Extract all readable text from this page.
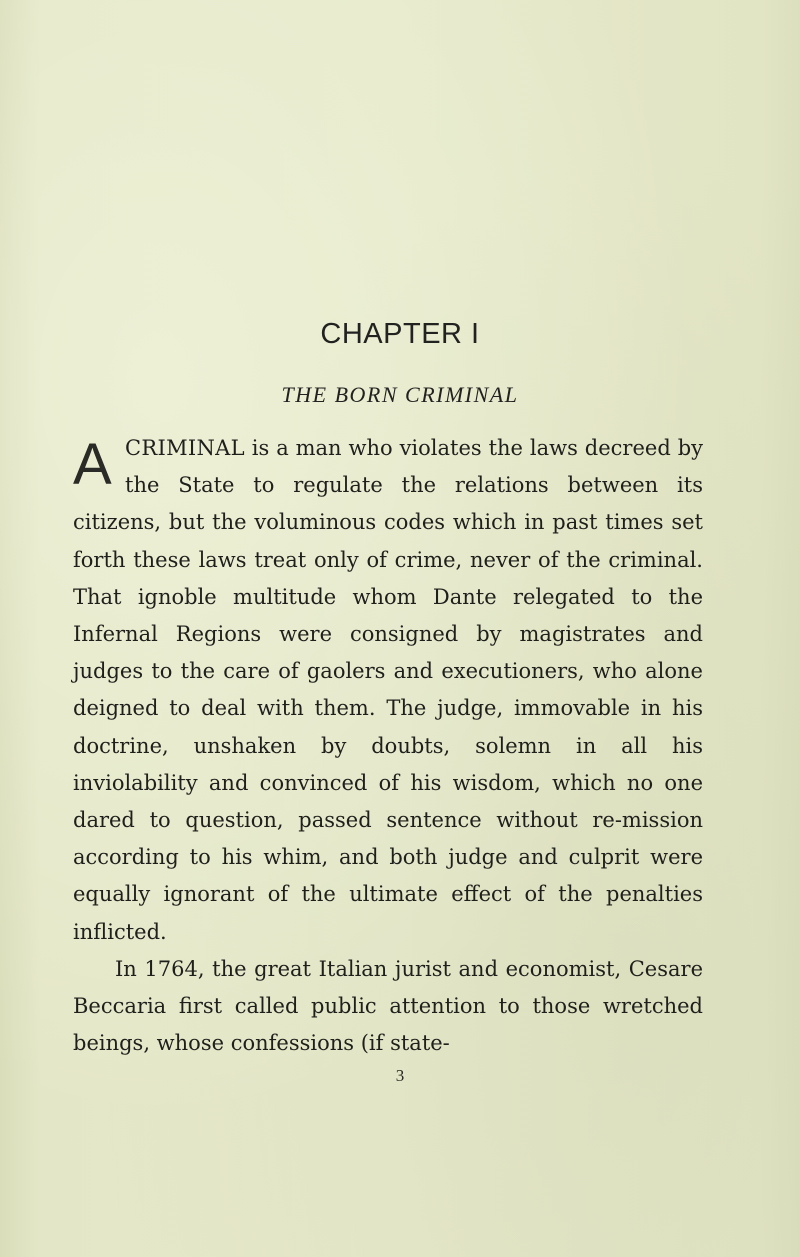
CHAPTER I
THE BORN CRIMINAL

ACRIMINAL is a man who violates the laws decreed by the State to regulate the relations between its citizens, but the voluminous codes which in past times set forth these laws treat only of crime, never of the criminal. That ignoble multitude whom Dante relegated to the Infernal Regions were consigned by magistrates and judges to the care of gaolers and executioners, who alone deigned to deal with them. The judge, immovable in his doctrine, unshaken by doubts, solemn in all his inviolability and convinced of his wisdom, which no one dared to question, passed sentence without re-mission according to his whim, and both judge and culprit were equally ignorant of the ultimate effect of the penalties inflicted.

In 1764, the great Italian jurist and economist, Cesare Beccaria first called public attention to those wretched beings, whose confessions (if state-

3
